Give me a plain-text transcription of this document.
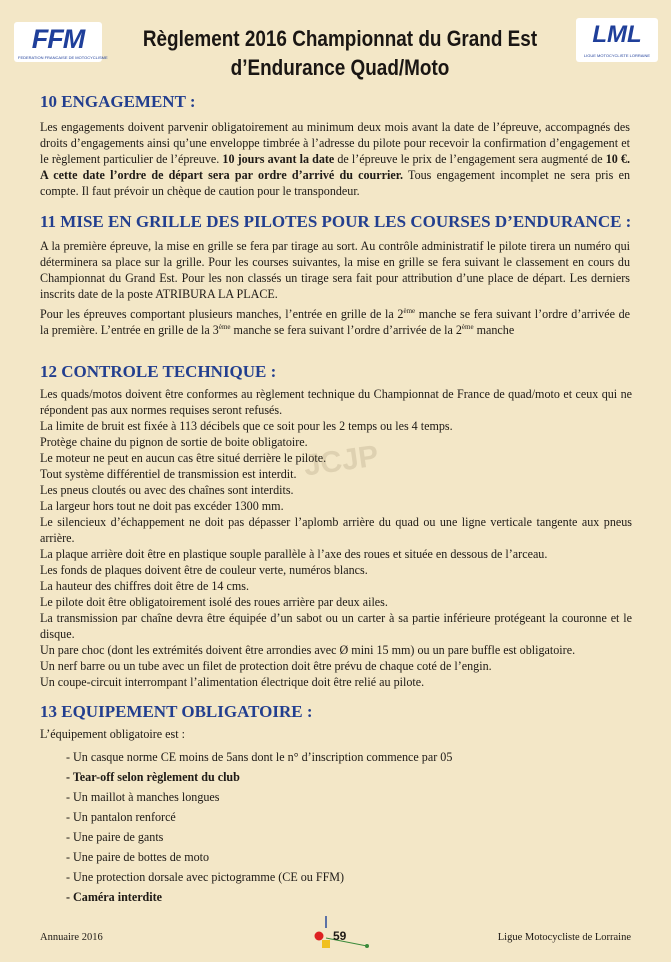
FFM
FEDERATION FRANCAISE DE MOTOCYCLISME
Règlement 2016 Championnat du Grand Est
d’Endurance Quad/Moto
LML
LIGUE MOTOCYCLISTE LORRAINE
10 ENGAGEMENT :
Les engagements doivent parvenir obligatoirement au minimum deux mois avant la date de l’épreuve, accompagnés des droits d’engagements ainsi qu’une enveloppe timbrée à l’adresse du pilote pour recevoir la confirmation d’engagement et le règlement particulier de l’épreuve. 10 jours avant la date de l’épreuve le prix de l’engagement sera augmenté de 10 €. A cette date l’ordre de départ sera par ordre d’arrivé du courrier. Tous engagement incomplet ne sera pris en compte. Il faut prévoir un chèque de caution pour le transpondeur.
11 MISE EN GRILLE DES PILOTES POUR LES COURSES D’ENDURANCE :
A la première épreuve, la mise en grille se fera par tirage au sort. Au contrôle administratif le pilote tirera un numéro qui déterminera sa place sur la grille. Pour les courses suivantes, la mise en grille se fera suivant le classement en cours du Championnat du Grand Est. Pour les non classés un tirage sera fait pour attribution d’une place de départ. Les derniers inscrits date de la poste ATRIBURA LA PLACE.
Pour les épreuves comportant plusieurs manches, l’entrée en grille de la 2ème manche se fera suivant l’ordre d’arrivée de la première. L’entrée en grille de la 3ème manche se fera suivant l’ordre d’arrivée de la 2ème manche
12 CONTROLE TECHNIQUE :
Les quads/motos doivent être conformes au règlement technique du Championnat de France de quad/moto et ceux qui ne répondent pas aux normes requises seront refusés.
La limite de bruit est fixée à 113 décibels que ce soit pour les 2 temps ou les 4 temps.
Protège chaine du pignon de sortie de boite obligatoire.
Le moteur ne peut en aucun cas être situé derrière le pilote.
Tout système différentiel de transmission est interdit.
Les pneus cloutés ou avec des chaînes sont interdits.
La largeur hors tout ne doit pas excéder 1300 mm.
Le silencieux d’échappement ne doit pas dépasser l’aplomb arrière du quad ou une ligne verticale tangente aux pneus arrière.
La plaque arrière doit être en plastique souple parallèle à l’axe des roues et située en dessous de l’arceau.
Les fonds de plaques doivent être de couleur verte, numéros blancs.
La hauteur des chiffres doit être de 14 cms.
Le pilote doit être obligatoirement isolé des roues arrière par deux ailes.
La transmission par chaîne devra être équipée d’un sabot ou un carter à sa partie inférieure protégeant la couronne et le disque.
Un pare choc (dont les extrémités doivent être arrondies avec Ø mini 15 mm) ou un pare buffle est obligatoire.
Un nerf barre ou un tube avec un filet de protection doit être prévu de chaque coté de l’engin.
Un coupe-circuit interrompant l’alimentation électrique doit être relié au pilote.
JCJP
13 EQUIPEMENT OBLIGATOIRE :
L’équipement obligatoire est :
- Un casque norme CE moins de 5ans dont le n° d’inscription commence par 05
- Tear-off selon règlement du club
- Un maillot à manches longues
- Un pantalon renforcé
- Une paire de gants
- Une paire de bottes de moto
- Une protection dorsale avec pictogramme (CE ou FFM)
- Caméra interdite
Annuaire 2016	59	Ligue Motocycliste de Lorraine
